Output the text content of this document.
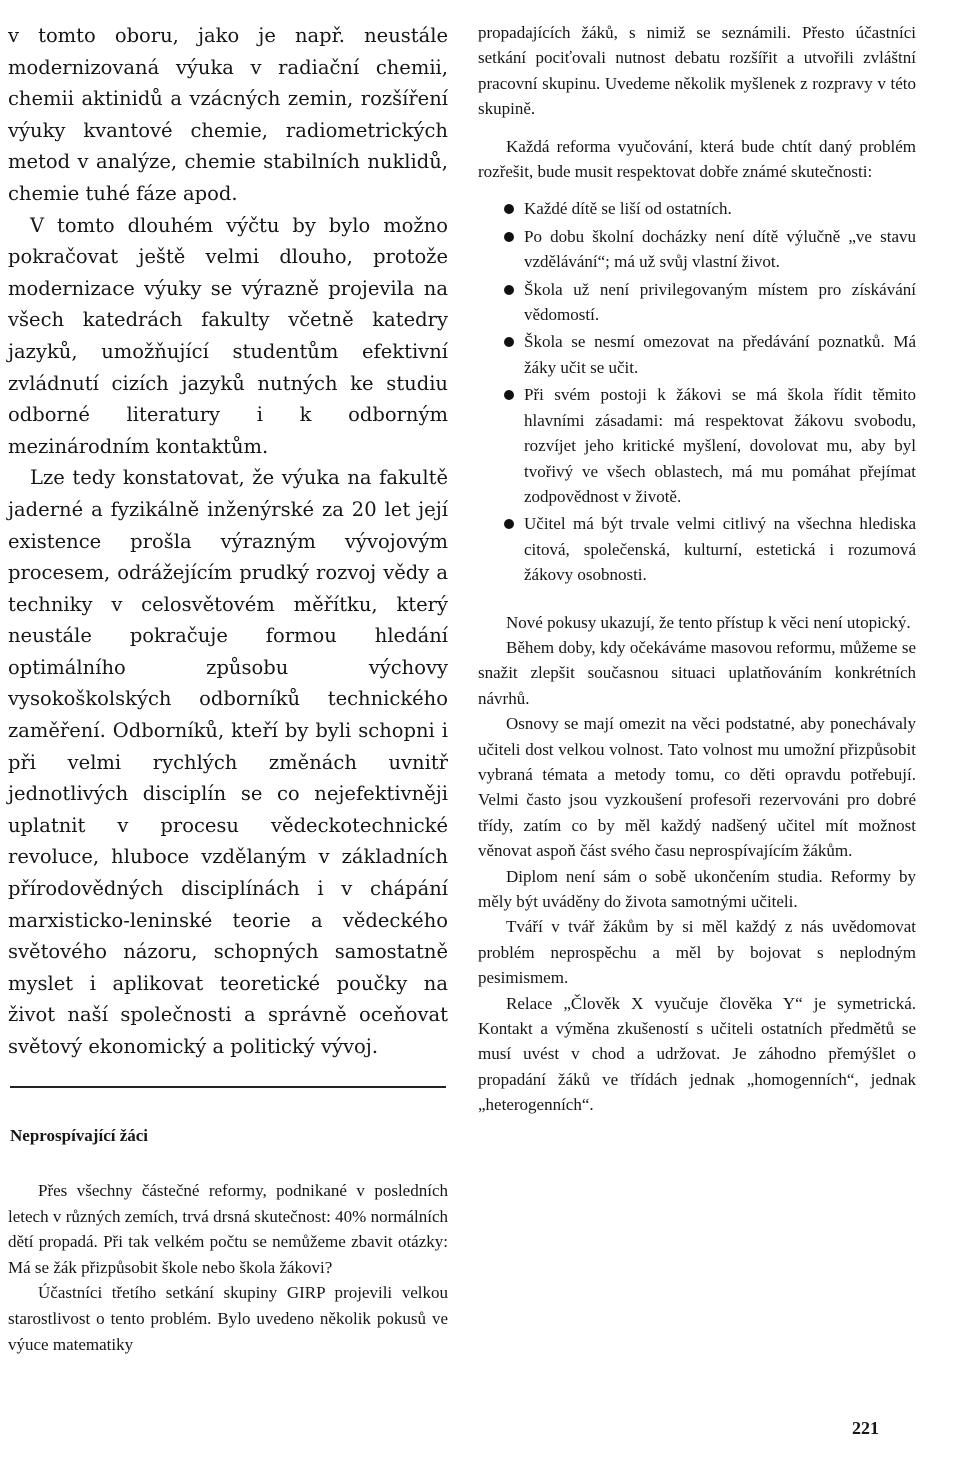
v tomto oboru, jako je např. neustále modernizovaná výuka v radiační chemii, chemii aktinidů a vzácných zemin, rozšíření výuky kvantové chemie, radiometrických metod v analýze, chemie stabilních nuklidů, chemie tuhé fáze apod.

V tomto dlouhém výčtu by bylo možno pokračovat ještě velmi dlouho, protože modernizace výuky se výrazně projevila na všech katedrách fakulty včetně katedry jazyků, umožňující studentům efektivní zvládnutí cizích jazyků nutných ke studiu odborné literatury i k odborným mezinárodním kontaktům.

Lze tedy konstatovat, že výuka na fakultě jaderné a fyzikálně inženýrské za 20 let její existence prošla výrazným vývojovým procesem, odrážejícím prudký rozvoj vědy a techniky v celosvětovém měřítku, který neustále pokračuje formou hledání optimálního způsobu výchovy vysokoškolských odborníků technického zaměření. Odborníků, kteří by byli schopni i při velmi rychlých změnách uvnitř jednotlivých disciplín se co nejefektivněji uplatnit v procesu vědeckotechnické revoluce, hluboce vzdělaným v základních přírodovědných disciplínách i v chápání marxisticko-leninské teorie a vědeckého světového názoru, schopných samostatně myslet i aplikovat teoretické poučky na život naší společnosti a správně oceňovat světový ekonomický a politický vývoj.

Neprospívající žáci

Přes všechny částečné reformy, podnikané v posledních letech v různých zemích, trvá drsná skutečnost: 40% normálních dětí propadá. Při tak velkém počtu se nemůžeme zbavit otázky: Má se žák přizpůsobit škole nebo škola žákovi?

Účastníci třetího setkání skupiny GIRP projevili velkou starostlivost o tento problém. Bylo uvedeno několik pokusů ve výuce matematiky

propadajících žáků, s nimiž se seznámili. Přesto účastníci setkání pociťovali nutnost debatu rozšířit a utvořili zvláštní pracovní skupinu. Uvedeme několik myšlenek z rozpravy v této skupině.

Každá reforma vyučování, která bude chtít daný problém rozřešit, bude musit respektovat dobře známé skutečnosti:

Každé dítě se liší od ostatních.
Po dobu školní docházky není dítě výlučně „ve stavu vzdělávání“; má už svůj vlastní život.
Škola už není privilegovaným místem pro získávání vědomostí.
Škola se nesmí omezovat na předávání poznatků. Má žáky učit se učit.
Při svém postoji k žákovi se má škola řídit těmito hlavními zásadami: má respektovat žákovu svobodu, rozvíjet jeho kritické myšlení, dovolovat mu, aby byl tvořivý ve všech oblastech, má mu pomáhat přejímat zodpovědnost v životě.
Učitel má být trvale velmi citlivý na všechna hlediska citová, společenská, kulturní, estetická i rozumová žákovy osobnosti.

Nové pokusy ukazují, že tento přístup k věci není utopický.

Během doby, kdy očekáváme masovou reformu, můžeme se snažit zlepšit současnou situaci uplatňováním konkrétních návrhů.

Osnovy se mají omezit na věci podstatné, aby ponechávaly učiteli dost velkou volnost. Tato volnost mu umožní přizpůsobit vybraná témata a metody tomu, co děti opravdu potřebují. Velmi často jsou vyzkoušení profesoři rezervováni pro dobré třídy, zatím co by měl každý nadšený učitel mít možnost věnovat aspoň část svého času neprospívajícím žákům.

Diplom není sám o sobě ukončením studia. Reformy by měly být uváděny do života samotnými učiteli.

Tváří v tvář žákům by si měl každý z nás uvědomovat problém neprospěchu a měl by bojovat s neplodným pesimismem.

Relace „Člověk X vyučuje člověka Y“ je symetrická. Kontakt a výměna zkušeností s učiteli ostatních předmětů se musí uvést v chod a udržovat. Je záhodno přemýšlet o propadání žáků ve třídách jednak „homogenních“, jednak „heterogenních“.

221
